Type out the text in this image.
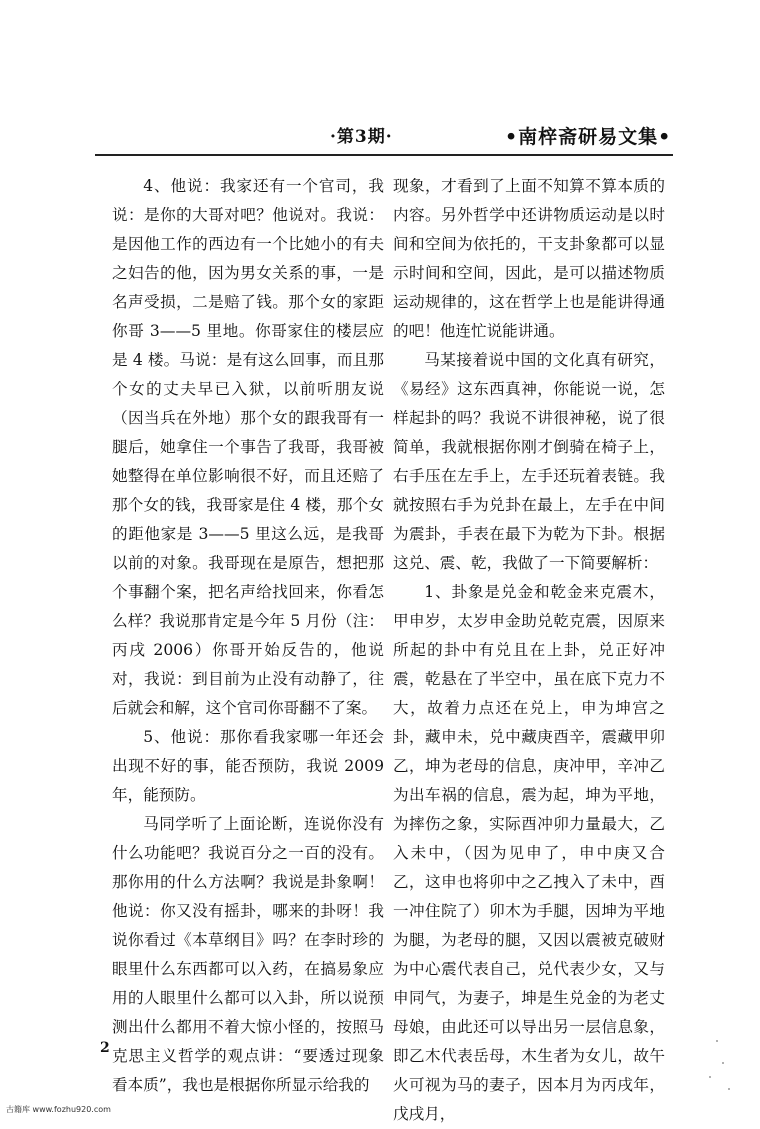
·第3期·	•南梓斋研易文集•

4、他说：我家还有一个官司，我说：是你的大哥对吧？他说对。我说：是因他工作的西边有一个比她小的有夫之妇告的他，因为男女关系的事，一是名声受损，二是赔了钱。那个女的家距你哥 3——5 里地。你哥家住的楼层应是 4 楼。马说：是有这么回事，而且那个女的丈夫早已入狱，以前听朋友说（因当兵在外地）那个女的跟我哥有一腿后，她拿住一个事告了我哥，我哥被她整得在单位影响很不好，而且还赔了那个女的钱，我哥家是住 4 楼，那个女的距他家是 3——5 里这么远，是我哥以前的对象。我哥现在是原告，想把那个事翻个案，把名声给找回来，你看怎么样？我说那肯定是今年 5 月份（注：丙戌 2006）你哥开始反告的，他说对，我说：到目前为止没有动静了，往后就会和解，这个官司你哥翻不了案。

5、他说：那你看我家哪一年还会出现不好的事，能否预防，我说 2009 年，能预防。

马同学听了上面论断，连说你没有什么功能吧？我说百分之一百的没有。那你用的什么方法啊？我说是卦象啊！他说：你又没有摇卦，哪来的卦呀！我说你看过《本草纲目》吗？在李时珍的眼里什么东西都可以入药，在搞易象应用的人眼里什么都可以入卦，所以说预测出什么都用不着大惊小怪的，按照马克思主义哲学的观点讲：“要透过现象看本质”，我也是根据你所显示给我的

现象，才看到了上面不知算不算本质的内容。另外哲学中还讲物质运动是以时间和空间为依托的，干支卦象都可以显示时间和空间，因此，是可以描述物质运动规律的，这在哲学上也是能讲得通的吧！他连忙说能讲通。

马某接着说中国的文化真有研究，《易经》这东西真神，你能说一说，怎样起卦的吗？我说不讲很神秘，说了很简单，我就根据你刚才倒骑在椅子上，右手压在左手上，左手还玩着表链。我就按照右手为兑卦在最上，左手在中间为震卦，手表在最下为乾为下卦。根据这兑、震、乾，我做了一下简要解析：

1、卦象是兑金和乾金来克震木，甲申岁，太岁申金助兑乾克震，因原来所起的卦中有兑且在上卦，兑正好冲震，乾悬在了半空中，虽在底下克力不大，故着力点还在兑上，申为坤宫之卦，藏申未，兑中藏庚酉辛，震藏甲卯乙，坤为老母的信息，庚冲甲，辛冲乙为出车祸的信息，震为起，坤为平地，为摔伤之象，实际酉冲卯力量最大，乙入未中，（因为见申了，申中庚又合乙，这申也将卯中之乙拽入了未中，酉一冲住院了）卯木为手腿，因坤为平地为腿，为老母的腿，又因以震被克破财为中心震代表自己，兑代表少女，又与申同气，为妻子，坤是生兑金的为老丈母娘，由此还可以导出另一层信息象，即乙木代表岳母，木生者为女儿，故午火可视为马的妻子，因本月为丙戌年，戊戌月，

2
古籍库 www.fozhu920.com
